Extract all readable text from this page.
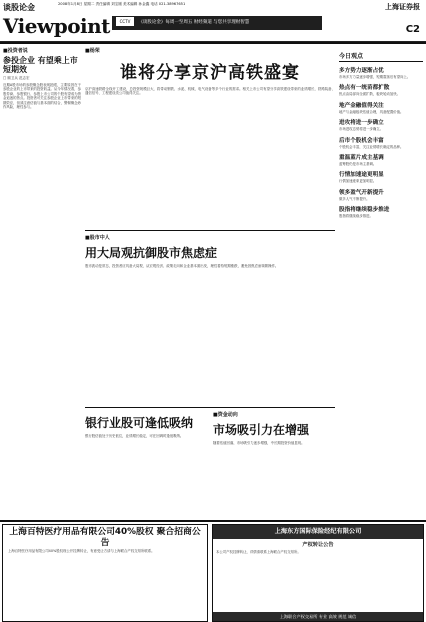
谈股论金
Viewpoint
2008年1月8日 星期二 责任编辑 刘宝刚 美术编辑 孙金鑫 电话 021-38967651
CCTV 《谈股论金》每周一至周五 财经频道 与您共享理财智慧
上海证券报
C2
■投资者说
参投企业 有望乘上市短期效
□ 顾卫兵 范志宏
近期A股市场的参股概念股表现抢眼，主要原因在于参股企业的上市带来的投资收益。从今年情况看，参股券商、参股银行、参股上市公司的个股有望成为资金追逐的热点。投资者可关注参股企业上市带来的短期效应，但须注意估值与基本面的结合，警惕概念炒作风险，理性参与。
■杨荣
谁将分享京沪高铁盛宴
京沪高速铁路全线开工建设，总投资规模巨大，将带动钢铁、水泥、机械、电气设备等多个行业的需求。相关上市公司有望分享高铁建设带来的业绩增长，铁路装备、通信信号、工程建设类公司值得关注。
■股市中人
用大局观抗御股市焦虑症
股市波动是常态，投资者应具备大局观，从宏观经济、政策走向和企业基本面出发，理性看待短期涨跌，避免因焦虑而频繁操作。
银行业股可逢低吸纳
银行股估值处于历史低位，业绩增长稳定，可在回调时逢低吸纳。
■资金动向
市场吸引力在增强
随着估值回落，市场吸引力逐步增强，中长期投资价值显现。
今日观点
多方势力逐渐占优
市场多方力量逐步增强，短期震荡后有望向上。
热点有一统苗都扩散
热点由局部向全面扩散，板块轮动加快。
地产金融值得关注
地产与金融板块估值合理，具备配置价值。
进攻将进一步确立
市场进攻态势将进一步确立。
后市个股机会丰富
个股机会丰富，关注业绩增长确定的品种。
重温蓝片成主基调
蓝筹股仍是市场主基调。
行情加速途更明显
行情加速迹象更加明显。
领多盈气开新提升
做多人气不断提升。
股指将继续稳步推进
股指将继续稳步推进。
上海百特医疗用品有限公司40%股权 聚合招商公告
上海百特医疗用品有限公司40%股权现公开挂牌转让，有意受让方请与上海联合产权交易所联系。
上海东方国际保险经纪有限公司
产权转让公告
本公司产权挂牌转让，详情请联系上海联合产权交易所。
上海联合产权交易所 专业 高效 规范 诚信
